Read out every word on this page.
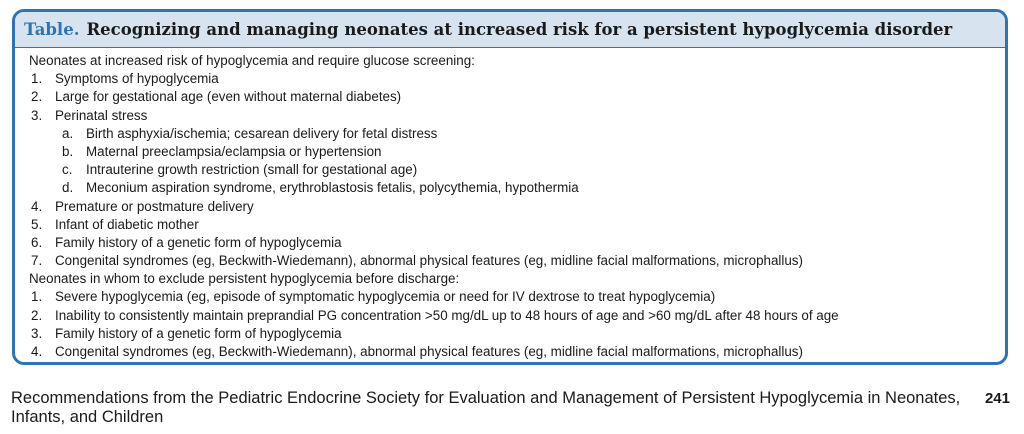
Table. Recognizing and managing neonates at increased risk for a persistent hypoglycemia disorder
Neonates at increased risk of hypoglycemia and require glucose screening:
1. Symptoms of hypoglycemia
2. Large for gestational age (even without maternal diabetes)
3. Perinatal stress
a. Birth asphyxia/ischemia; cesarean delivery for fetal distress
b. Maternal preeclampsia/eclampsia or hypertension
c. Intrauterine growth restriction (small for gestational age)
d. Meconium aspiration syndrome, erythroblastosis fetalis, polycythemia, hypothermia
4. Premature or postmature delivery
5. Infant of diabetic mother
6. Family history of a genetic form of hypoglycemia
7. Congenital syndromes (eg, Beckwith-Wiedemann), abnormal physical features (eg, midline facial malformations, microphallus)
Neonates in whom to exclude persistent hypoglycemia before discharge:
1. Severe hypoglycemia (eg, episode of symptomatic hypoglycemia or need for IV dextrose to treat hypoglycemia)
2. Inability to consistently maintain preprandial PG concentration >50 mg/dL up to 48 hours of age and >60 mg/dL after 48 hours of age
3. Family history of a genetic form of hypoglycemia
4. Congenital syndromes (eg, Beckwith-Wiedemann), abnormal physical features (eg, midline facial malformations, microphallus)
Recommendations from the Pediatric Endocrine Society for Evaluation and Management of Persistent Hypoglycemia in Neonates, Infants, and Children
241
